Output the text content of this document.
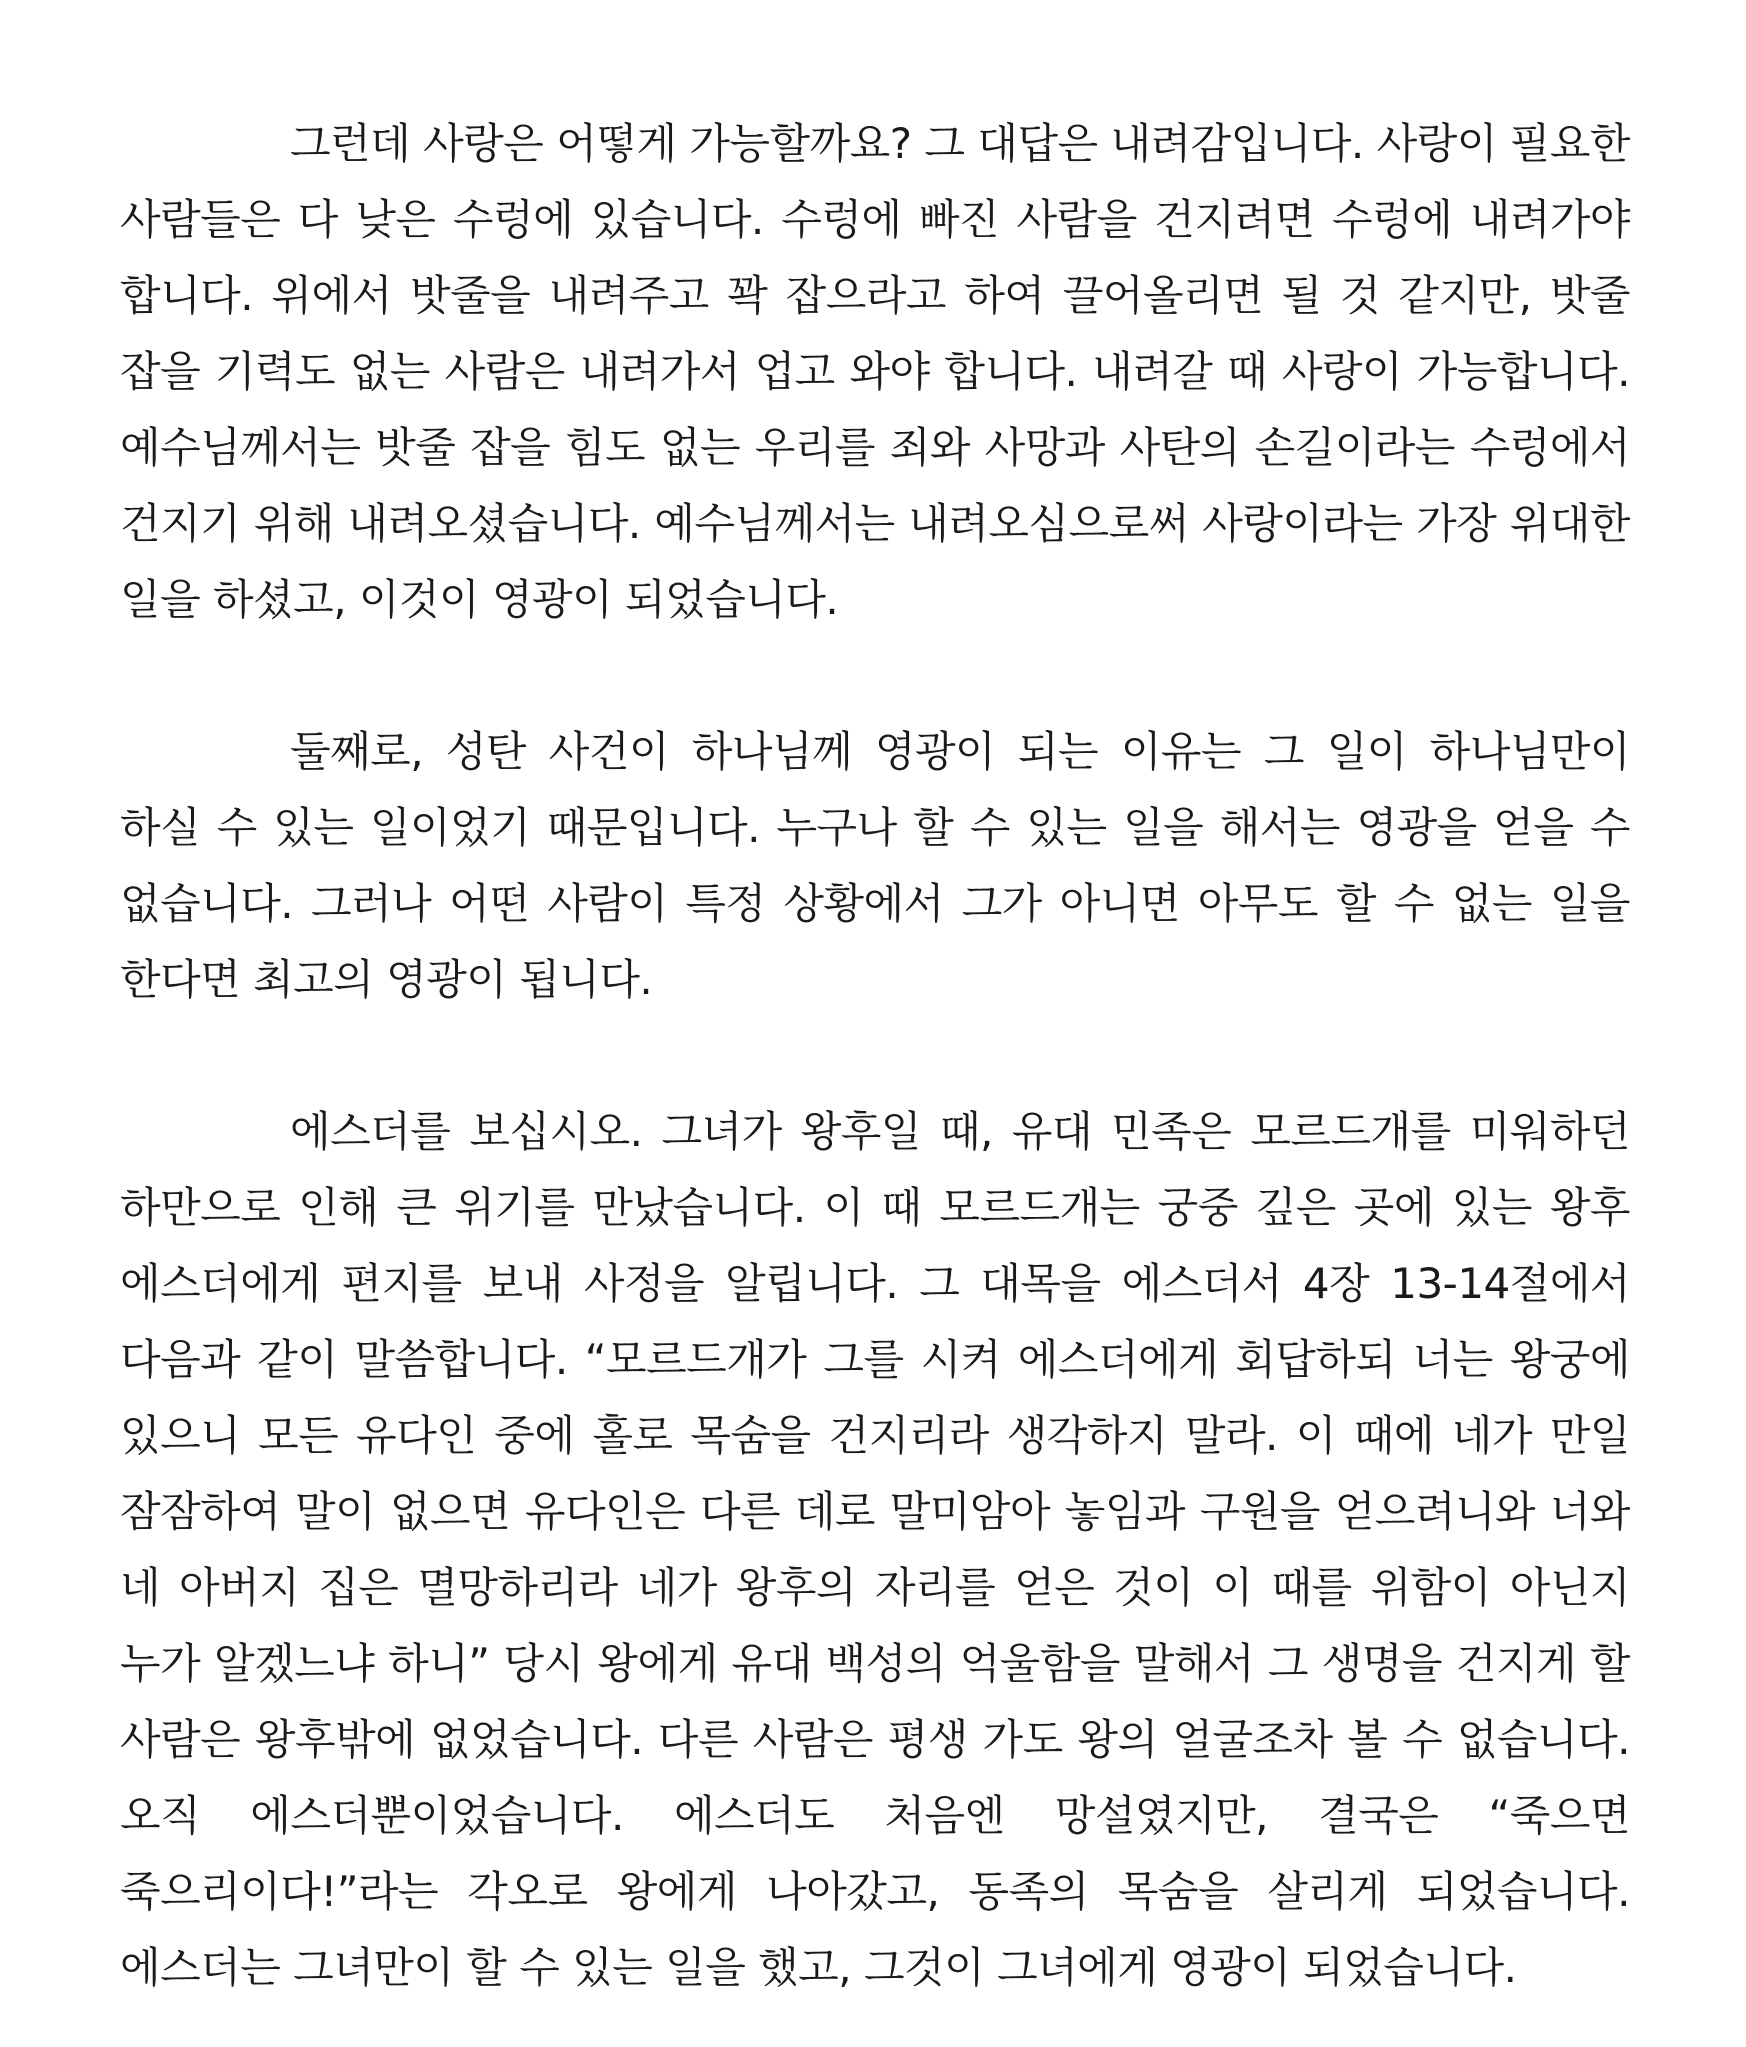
그런데 사랑은 어떻게 가능할까요? 그 대답은 내려감입니다. 사랑이 필요한 사람들은 다 낮은 수렁에 있습니다. 수렁에 빠진 사람을 건지려면 수렁에 내려가야 합니다. 위에서 밧줄을 내려주고 꽉 잡으라고 하여 끌어올리면 될 것 같지만, 밧줄 잡을 기력도 없는 사람은 내려가서 업고 와야 합니다. 내려갈 때 사랑이 가능합니다. 예수님께서는 밧줄 잡을 힘도 없는 우리를 죄와 사망과 사탄의 손길이라는 수렁에서 건지기 위해 내려오셨습니다. 예수님께서는 내려오심으로써 사랑이라는 가장 위대한 일을 하셨고, 이것이 영광이 되었습니다.

둘째로, 성탄 사건이 하나님께 영광이 되는 이유는 그 일이 하나님만이 하실 수 있는 일이었기 때문입니다. 누구나 할 수 있는 일을 해서는 영광을 얻을 수 없습니다. 그러나 어떤 사람이 특정 상황에서 그가 아니면 아무도 할 수 없는 일을 한다면 최고의 영광이 됩니다.

에스더를 보십시오. 그녀가 왕후일 때, 유대 민족은 모르드개를 미워하던 하만으로 인해 큰 위기를 만났습니다. 이 때 모르드개는 궁중 깊은 곳에 있는 왕후 에스더에게 편지를 보내 사정을 알립니다. 그 대목을 에스더서 4장 13-14절에서 다음과 같이 말씀합니다. “모르드개가 그를 시켜 에스더에게 회답하되 너는 왕궁에 있으니 모든 유다인 중에 홀로 목숨을 건지리라 생각하지 말라. 이 때에 네가 만일 잠잠하여 말이 없으면 유다인은 다른 데로 말미암아 놓임과 구원을 얻으려니와 너와 네 아버지 집은 멸망하리라 네가 왕후의 자리를 얻은 것이 이 때를 위함이 아닌지 누가 알겠느냐 하니” 당시 왕에게 유대 백성의 억울함을 말해서 그 생명을 건지게 할 사람은 왕후밖에 없었습니다. 다른 사람은 평생 가도 왕의 얼굴조차 볼 수 없습니다. 오직 에스더뿐이었습니다. 에스더도 처음엔 망설였지만, 결국은 “죽으면 죽으리이다!”라는 각오로 왕에게 나아갔고, 동족의 목숨을 살리게 되었습니다. 에스더는 그녀만이 할 수 있는 일을 했고, 그것이 그녀에게 영광이 되었습니다.
